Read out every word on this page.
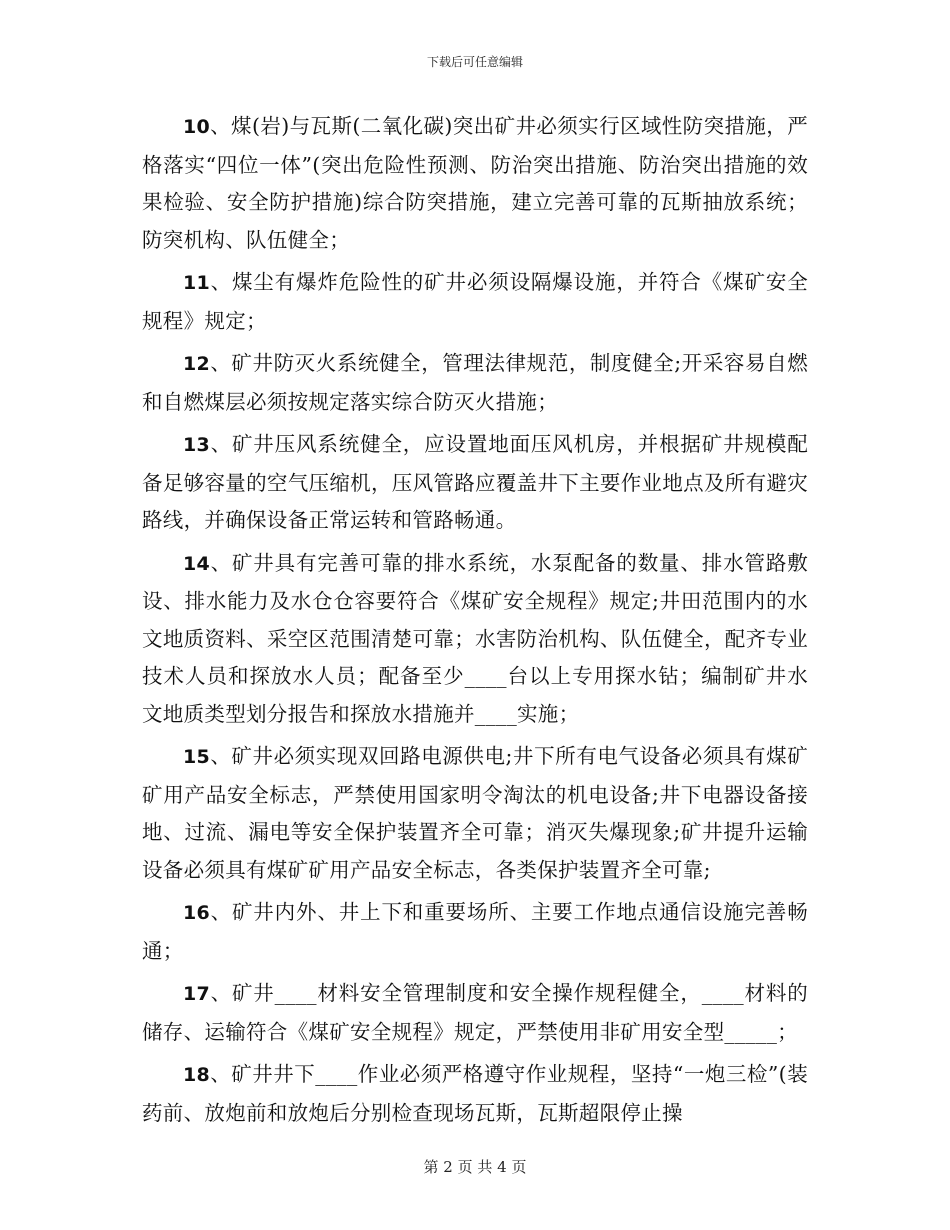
下载后可任意编辑

10、煤(岩)与瓦斯(二氧化碳)突出矿井必须实行区域性防突措施，严格落实“四位一体”(突出危险性预测、防治突出措施、防治突出措施的效果检验、安全防护措施)综合防突措施，建立完善可靠的瓦斯抽放系统；防突机构、队伍健全；

11、煤尘有爆炸危险性的矿井必须设隔爆设施，并符合《煤矿安全规程》规定；

12、矿井防灭火系统健全，管理法律规范，制度健全;开采容易自燃和自燃煤层必须按规定落实综合防灭火措施；

13、矿井压风系统健全，应设置地面压风机房，并根据矿井规模配备足够容量的空气压缩机，压风管路应覆盖井下主要作业地点及所有避灾路线，并确保设备正常运转和管路畅通。

14、矿井具有完善可靠的排水系统，水泵配备的数量、排水管路敷设、排水能力及水仓仓容要符合《煤矿安全规程》规定;井田范围内的水文地质资料、采空区范围清楚可靠；水害防治机构、队伍健全，配齐专业技术人员和探放水人员；配备至少____台以上专用探水钻；编制矿井水文地质类型划分报告和探放水措施并____实施；

15、矿井必须实现双回路电源供电;井下所有电气设备必须具有煤矿矿用产品安全标志，严禁使用国家明令淘汰的机电设备;井下电器设备接地、过流、漏电等安全保护装置齐全可靠；消灭失爆现象;矿井提升运输设备必须具有煤矿矿用产品安全标志，各类保护装置齐全可靠;

16、矿井内外、井上下和重要场所、主要工作地点通信设施完善畅通；

17、矿井____材料安全管理制度和安全操作规程健全，____材料的储存、运输符合《煤矿安全规程》规定，严禁使用非矿用安全型_____；

18、矿井井下____作业必须严格遵守作业规程，坚持“一炮三检”(装药前、放炮前和放炮后分别检查现场瓦斯，瓦斯超限停止操

第 2 页 共 4 页
